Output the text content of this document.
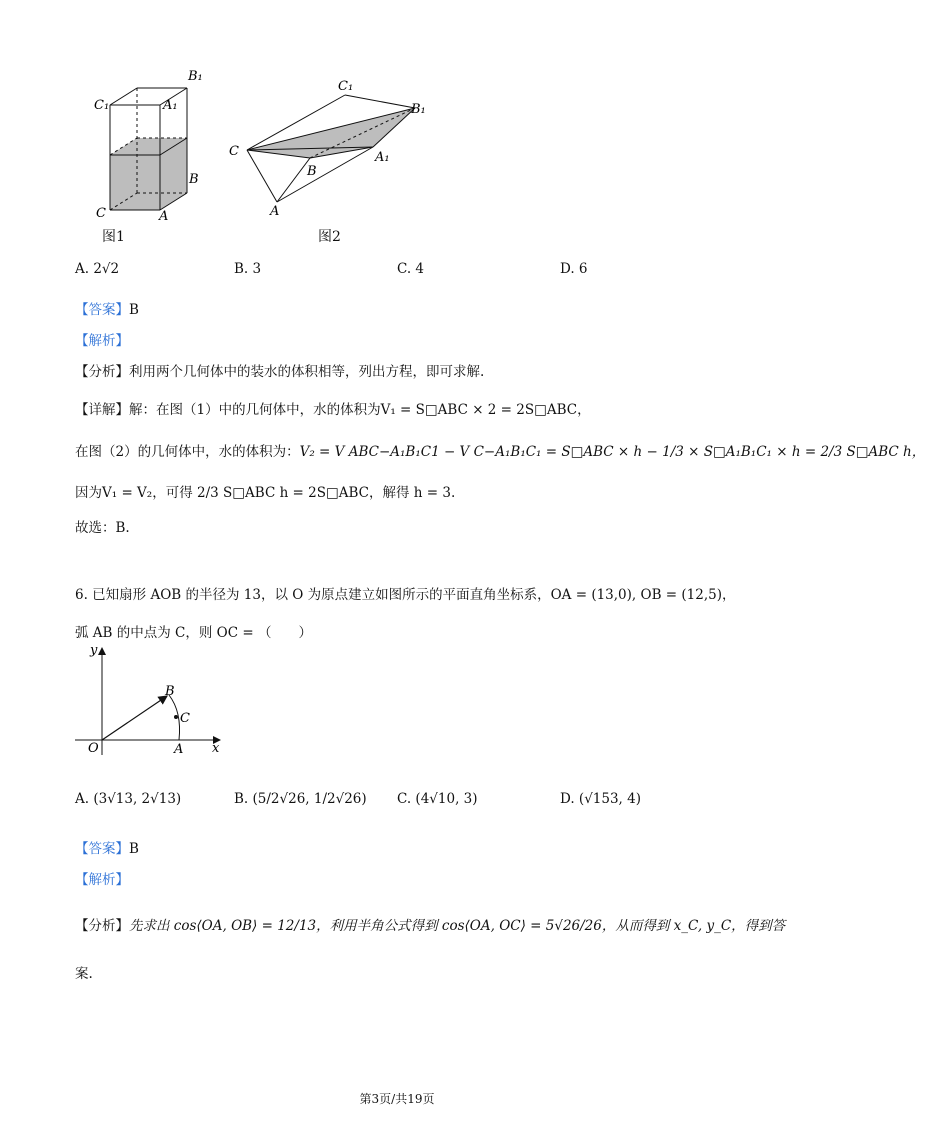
B₁
C₁	A₁
B
C	A
图1
C₁
B₁
C	A₁
B
A
图2
A. 2√2	B. 3	C. 4	D. 6
【答案】B
【解析】
【分析】利用两个几何体中的装水的体积相等，列出方程，即可求解.
【详解】解：在图（1）中的几何体中，水的体积为V₁ = S□ABC × 2 = 2S□ABC，
在图（2）的几何体中，水的体积为：V₂ = V ABC−A₁B₁C1 − V C−A₁B₁C₁ = S□ABC × h − 1/3 × S□A₁B₁C₁ × h = 2/3 S□ABC h，
因为V₁ = V₂，可得 2/3 S□ABC h = 2S□ABC，解得 h = 3.
故选：B.
6. 已知扇形 AOB 的半径为 13，以 O 为原点建立如图所示的平面直角坐标系，OA = (13,0), OB = (12,5)，
弧 AB 的中点为 C，则 OC = （　　）
y
x
O	A
B
C
A. (3√13, 2√13)	B. (5/2√26, 1/2√26) C. (4√10, 3)	D. (√153, 4)
【答案】B
【解析】
【分析】先求出 cos⟨OA, OB⟩ = 12/13，利用半角公式得到 cos⟨OA, OC⟩ = 5√26/26，从而得到 x_C, y_C，得到答
案.
第3页/共19页
